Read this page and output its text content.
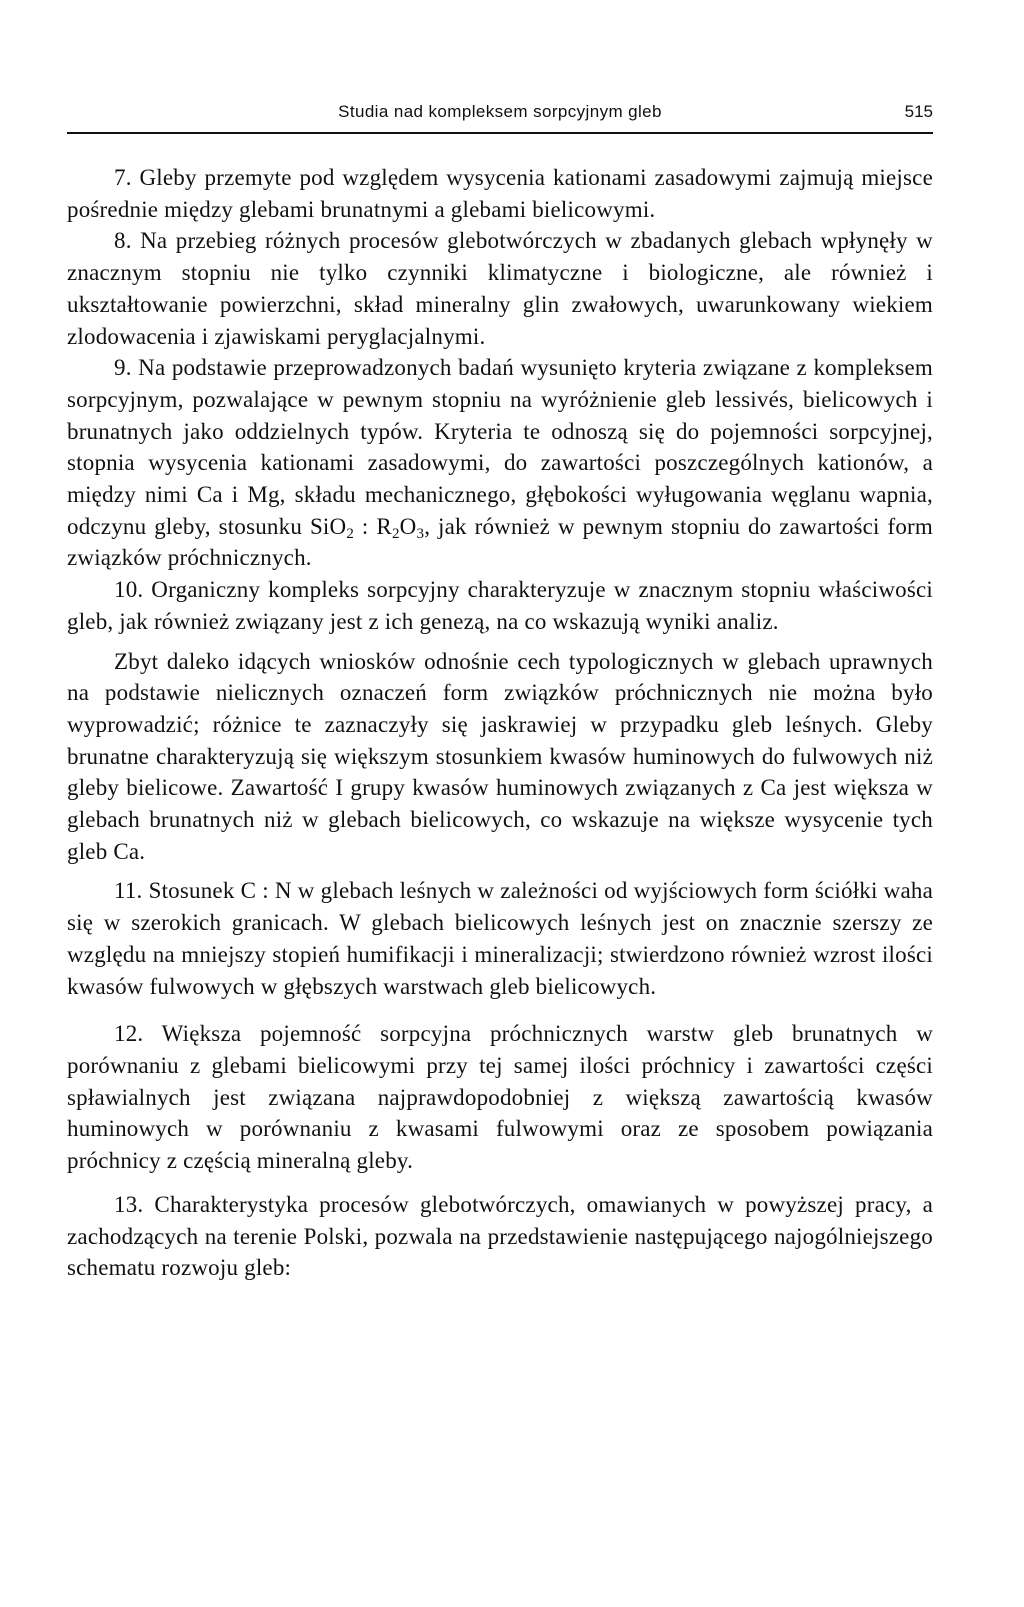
Studia nad kompleksem sorpcyjnym gleb	515

7. Gleby przemyte pod względem wysycenia kationami zasadowymi zajmują miejsce pośrednie między glebami brunatnymi a glebami bielicowymi.

8. Na przebieg różnych procesów glebotwórczych w zbadanych glebach wpłynęły w znacznym stopniu nie tylko czynniki klimatyczne i biologiczne, ale również i ukształtowanie powierzchni, skład mineralny glin zwałowych, uwarunkowany wiekiem zlodowacenia i zjawiskami peryglacjalnymi.

9. Na podstawie przeprowadzonych badań wysunięto kryteria związane z kompleksem sorpcyjnym, pozwalające w pewnym stopniu na wyróżnienie gleb lessivés, bielicowych i brunatnych jako oddzielnych typów. Kryteria te odnoszą się do pojemności sorpcyjnej, stopnia wysycenia kationami zasadowymi, do zawartości poszczególnych kationów, a między nimi Ca i Mg, składu mechanicznego, głębokości wyługowania węglanu wapnia, odczynu gleby, stosunku SiO$_2$ : $R_2O_3$, jak również w pewnym stopniu do zawartości form związków próchnicznych.

10. Organiczny kompleks sorpcyjny charakteryzuje w znacznym stopniu właściwości gleb, jak również związany jest z ich genezą, na co wskazują wyniki analiz.

Zbyt daleko idących wniosków odnośnie cech typologicznych w glebach uprawnych na podstawie nielicznych oznaczeń form związków próchnicznych nie można było wyprowadzić; różnice te zaznaczyły się jaskrawiej w przypadku gleb leśnych. Gleby brunatne charakteryzują się większym stosunkiem kwasów huminowych do fulwowych niż gleby bielicowe. Zawartość I grupy kwasów huminowych związanych z Ca jest większa w glebach brunatnych niż w glebach bielicowych, co wskazuje na większe wysycenie tych gleb Ca.

11. Stosunek C : N w glebach leśnych w zależności od wyjściowych form ściółki waha się w szerokich granicach. W glebach bielicowych leśnych jest on znacznie szerszy ze względu na mniejszy stopień humifikacji i mineralizacji; stwierdzono również wzrost ilości kwasów fulwowych w głębszych warstwach gleb bielicowych.

12. Większa pojemność sorpcyjna próchnicznych warstw gleb brunatnych w porównaniu z glebami bielicowymi przy tej samej ilości próchnicy i zawartości części spławialnych jest związana najprawdopodobniej z większą zawartością kwasów huminowych w porównaniu z kwasami fulwowymi oraz ze sposobem powiązania próchnicy z częścią mineralną gleby.

13. Charakterystyka procesów glebotwórczych, omawianych w powyższej pracy, a zachodzących na terenie Polski, pozwala na przedstawienie następującego najogólniejszego schematu rozwoju gleb:
